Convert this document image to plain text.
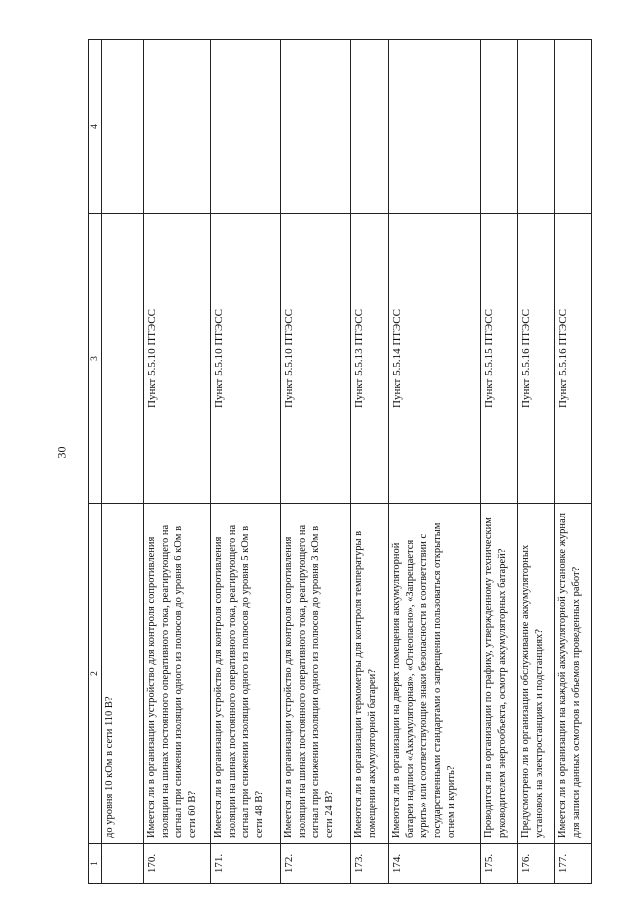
30
1	2	3	4
	до уровня 10 кОм в сети 110 В?		
170.	Имеется ли в организации устройство для контроля сопротивления изоляции на шинах постоянного оперативного тока, реагирующего на сигнал при снижении изоляции одного из полюсов до уровня 6 кОм в сети 60 В?	Пункт 5.5.10 ПТЭСС	
171.	Имеется ли в организации устройство для контроля сопротивления изоляции на шинах постоянного оперативного тока, реагирующего на сигнал при снижении изоляции одного из полюсов до уровня 5 кОм в сети 48 В?	Пункт 5.5.10 ПТЭСС	
172.	Имеется ли в организации устройство для контроля сопротивления изоляции на шинах постоянного оперативного тока, реагирующего на сигнал при снижении изоляции одного из полюсов до уровня 3 кОм в сети 24 В?	Пункт 5.5.10 ПТЭСС	
173.	Имеются ли в организации термометры для контроля температуры в помещении аккумуляторной батареи?	Пункт 5.5.13 ПТЭСС	
174.	Имеются ли в организации на дверях помещения аккумуляторной батареи надписи «Аккумуляторная», «Огнеопасно», «Запрещается курить» или соответствующие знаки безопасности в соответствии с государственными стандартами о запрещении пользоваться открытым огнем и курить?	Пункт 5.5.14 ПТЭСС	
175.	Проводится ли в организации по графику, утвержденному техническим руководителем энергообъекта, осмотр аккумуляторных батарей?	Пункт 5.5.15 ПТЭСС	
176.	Предусмотрено ли в организации обслуживание аккумуляторных установок на электростанциях и подстанциях?	Пункт 5.5.16 ПТЭСС	
177.	Имеется ли в организации на каждой аккумуляторной установке журнал для записи данных осмотров и объемов проведенных работ?	Пункт 5.5.16 ПТЭСС	
